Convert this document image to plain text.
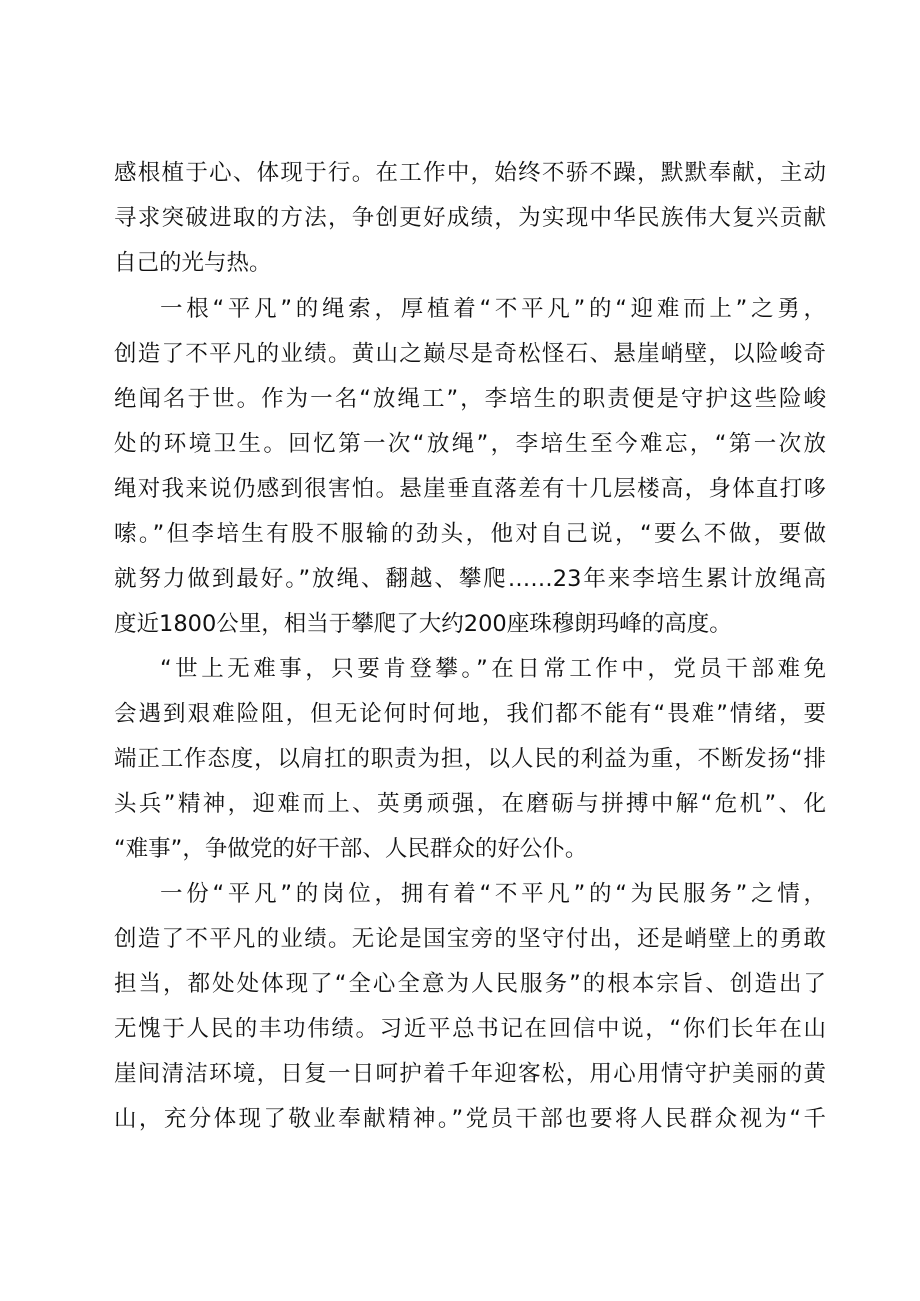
感根植于心、体现于行。在工作中，始终不骄不躁，默默奉献，主动
寻求突破进取的方法，争创更好成绩，为实现中华民族伟大复兴贡献
自己的光与热。
一根“平凡”的绳索，厚植着“不平凡”的“迎难而上”之勇，
创造了不平凡的业绩。黄山之巅尽是奇松怪石、悬崖峭壁，以险峻奇
绝闻名于世。作为一名“放绳工”，李培生的职责便是守护这些险峻
处的环境卫生。回忆第一次“放绳”，李培生至今难忘，“第一次放
绳对我来说仍感到很害怕。悬崖垂直落差有十几层楼高，身体直打哆
嗦。”但李培生有股不服输的劲头，他对自己说，“要么不做，要做
就努力做到最好。”放绳、翻越、攀爬……23年来李培生累计放绳高
度近1800公里，相当于攀爬了大约200座珠穆朗玛峰的高度。
“世上无难事，只要肯登攀。”在日常工作中，党员干部难免
会遇到艰难险阻，但无论何时何地，我们都不能有“畏难”情绪，要
端正工作态度，以肩扛的职责为担，以人民的利益为重，不断发扬“排
头兵”精神，迎难而上、英勇顽强，在磨砺与拼搏中解“危机”、化
“难事”，争做党的好干部、人民群众的好公仆。
一份“平凡”的岗位，拥有着“不平凡”的“为民服务”之情，
创造了不平凡的业绩。无论是国宝旁的坚守付出，还是峭壁上的勇敢
担当，都处处体现了“全心全意为人民服务”的根本宗旨、创造出了
无愧于人民的丰功伟绩。习近平总书记在回信中说，“你们长年在山
崖间清洁环境，日复一日呵护着千年迎客松，用心用情守护美丽的黄
山，充分体现了敬业奉献精神。”党员干部也要将人民群众视为“千
